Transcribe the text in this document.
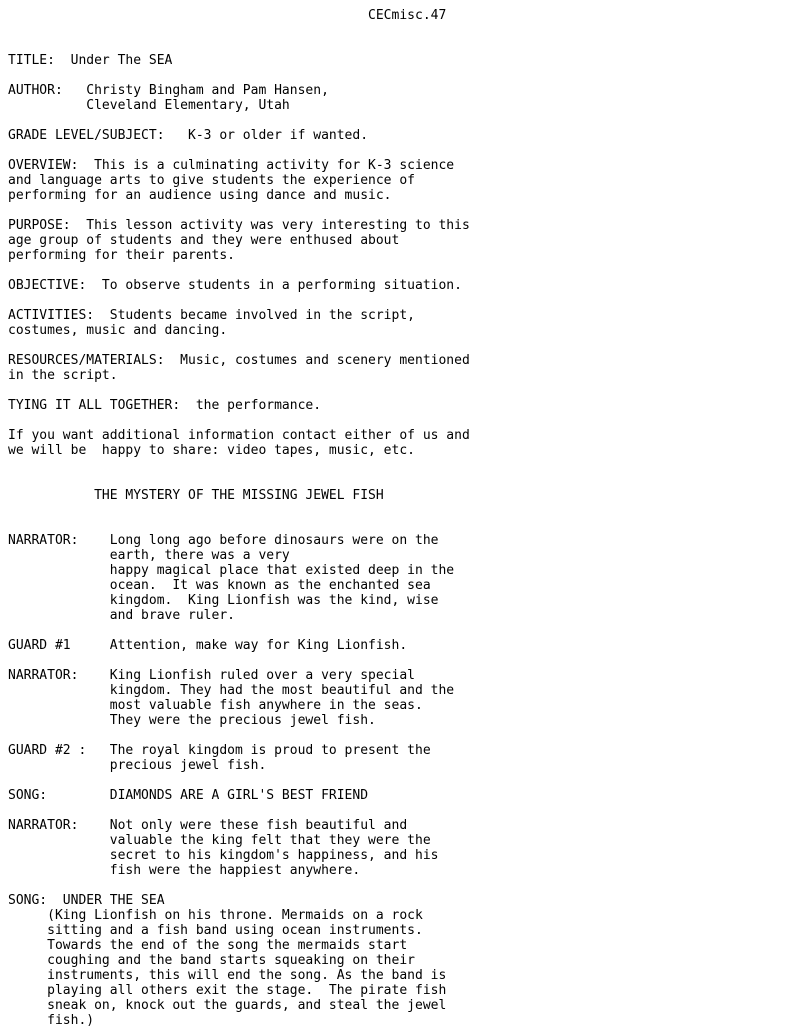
CECmisc.47
TITLE:  Under The SEA
AUTHOR:   Christy Bingham and Pam Hansen,
Cleveland Elementary, Utah
GRADE LEVEL/SUBJECT:   K-3 or older if wanted.
OVERVIEW:  This is a culminating activity for K-3 science
and language arts to give students the experience of
performing for an audience using dance and music.
PURPOSE:  This lesson activity was very interesting to this
age group of students and they were enthused about
performing for their parents.
OBJECTIVE:  To observe students in a performing situation.
ACTIVITIES:  Students became involved in the script,
costumes, music and dancing.
RESOURCES/MATERIALS:  Music, costumes and scenery mentioned
in the script.
TYING IT ALL TOGETHER:  the performance.
If you want additional information contact either of us and
we will be  happy to share: video tapes, music, etc.
THE MYSTERY OF THE MISSING JEWEL FISH
NARRATOR:    Long long ago before dinosaurs were on the
earth, there was a very
happy magical place that existed deep in the
ocean.  It was known as the enchanted sea
kingdom.  King Lionfish was the kind, wise
and brave ruler.
GUARD #1     Attention, make way for King Lionfish.
NARRATOR:    King Lionfish ruled over a very special
kingdom. They had the most beautiful and the
most valuable fish anywhere in the seas.
They were the precious jewel fish.
GUARD #2 :   The royal kingdom is proud to present the
precious jewel fish.
SONG:        DIAMONDS ARE A GIRL'S BEST FRIEND
NARRATOR:    Not only were these fish beautiful and
valuable the king felt that they were the
secret to his kingdom's happiness, and his
fish were the happiest anywhere.
SONG:  UNDER THE SEA
(King Lionfish on his throne. Mermaids on a rock
sitting and a fish band using ocean instruments.
Towards the end of the song the mermaids start
coughing and the band starts squeaking on their
instruments, this will end the song. As the band is
playing all others exit the stage.  The pirate fish
sneak on, knock out the guards, and steal the jewel
fish.)
